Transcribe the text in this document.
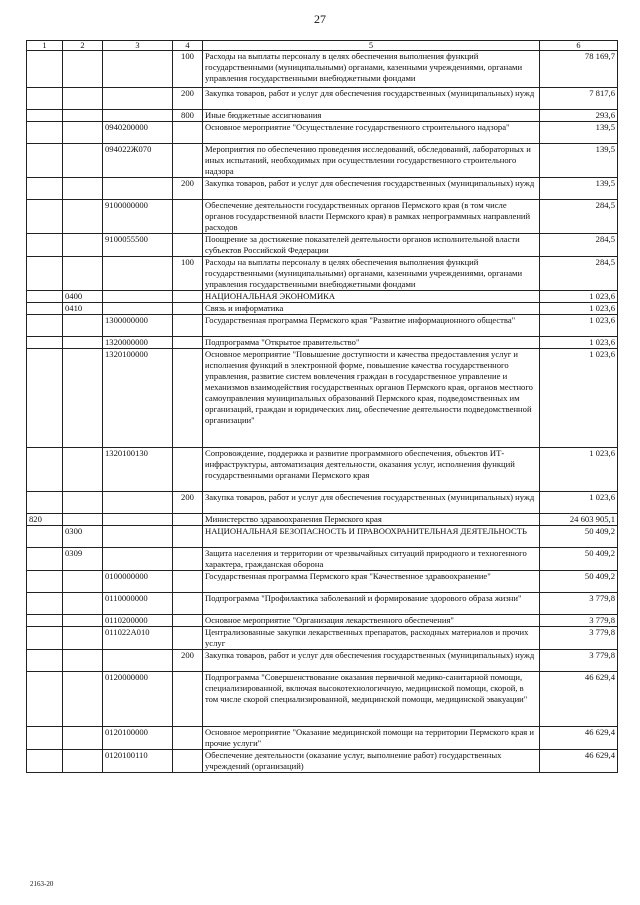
27
1	2	3	4	5	6
			100	Расходы на выплаты персоналу в целях обеспечения выполнения функций государственными (муниципальными) органами, казенными учреждениями, органами управления государственными внебюджетными фондами	78 169,7
			200	Закупка товаров, работ и услуг для обеспечения государственных (муниципальных) нужд	7 817,6
			800	Иные бюджетные ассигнования	293,6
		0940200000		Основное мероприятие "Осуществление государственного строительного надзора"	139,5
		094022Ж070		Мероприятия по обеспечению проведения исследований, обследований, лабораторных и иных испытаний, необходимых при осуществлении государственного строительного надзора	139,5
			200	Закупка товаров, работ и услуг для обеспечения государственных (муниципальных) нужд	139,5
		9100000000		Обеспечение деятельности государственных органов Пермского края (в том числе органов государственной власти Пермского края) в рамках непрограммных направлений расходов	284,5
		9100055500		Поощрение за достижение показателей деятельности органов исполнительной власти субъектов Российской Федерации	284,5
			100	Расходы на выплаты персоналу в целях обеспечения выполнения функций государственными (муниципальными) органами, казенными учреждениями, органами управления государственными внебюджетными фондами	284,5
	0400			НАЦИОНАЛЬНАЯ ЭКОНОМИКА	1 023,6
	0410			Связь и информатика	1 023,6
		1300000000		Государственная программа Пермского края "Развитие информационного общества"	1 023,6
		1320000000		Подпрограмма "Открытое правительство"	1 023,6
		1320100000		Основное мероприятие "Повышение доступности и качества предоставления услуг и исполнения функций в электронной форме, повышение качества государственного управления, развитие систем вовлечения граждан в государственное управление и механизмов взаимодействия государственных органов Пермского края, органов местного самоуправления муниципальных образований Пермского края, подведомственных им организаций, граждан и юридических лиц, обеспечение деятельности подведомственной организации"	1 023,6
		1320100130		Сопровождение, поддержка и развитие программного обеспечения, объектов ИТ-инфраструктуры, автоматизация деятельности, оказания услуг, исполнения функций государственными органами Пермского края	1 023,6
			200	Закупка товаров, работ и услуг для обеспечения государственных (муниципальных) нужд	1 023,6
820				Министерство здравоохранения Пермского края	24 603 905,1
	0300			НАЦИОНАЛЬНАЯ БЕЗОПАСНОСТЬ И ПРАВООХРАНИТЕЛЬНАЯ ДЕЯТЕЛЬНОСТЬ	50 409,2
	0309			Защита населения и территории от чрезвычайных ситуаций природного и техногенного характера, гражданская оборона	50 409,2
		0100000000		Государственная программа Пермского края "Качественное здравоохранение"	50 409,2
		0110000000		Подпрограмма "Профилактика заболеваний и формирование здорового образа жизни"	3 779,8
		0110200000		Основное мероприятие "Организация лекарственного обеспечения"	3 779,8
		011022А010		Централизованные закупки лекарственных препаратов, расходных материалов и прочих услуг	3 779,8
			200	Закупка товаров, работ и услуг для обеспечения государственных (муниципальных) нужд	3 779,8
		0120000000		Подпрограмма "Совершенствование оказания первичной медико-санитарной помощи, специализированной, включая высокотехнологичную, медицинской помощи, скорой, в том числе скорой специализированной, медицинской помощи, медицинской эвакуации"	46 629,4
		0120100000		Основное мероприятие "Оказание медицинской помощи на территории Пермского края и прочие услуги"	46 629,4
		0120100110		Обеспечение деятельности (оказание услуг, выполнение работ) государственных учреждений (организаций)	46 629,4
2163-20
